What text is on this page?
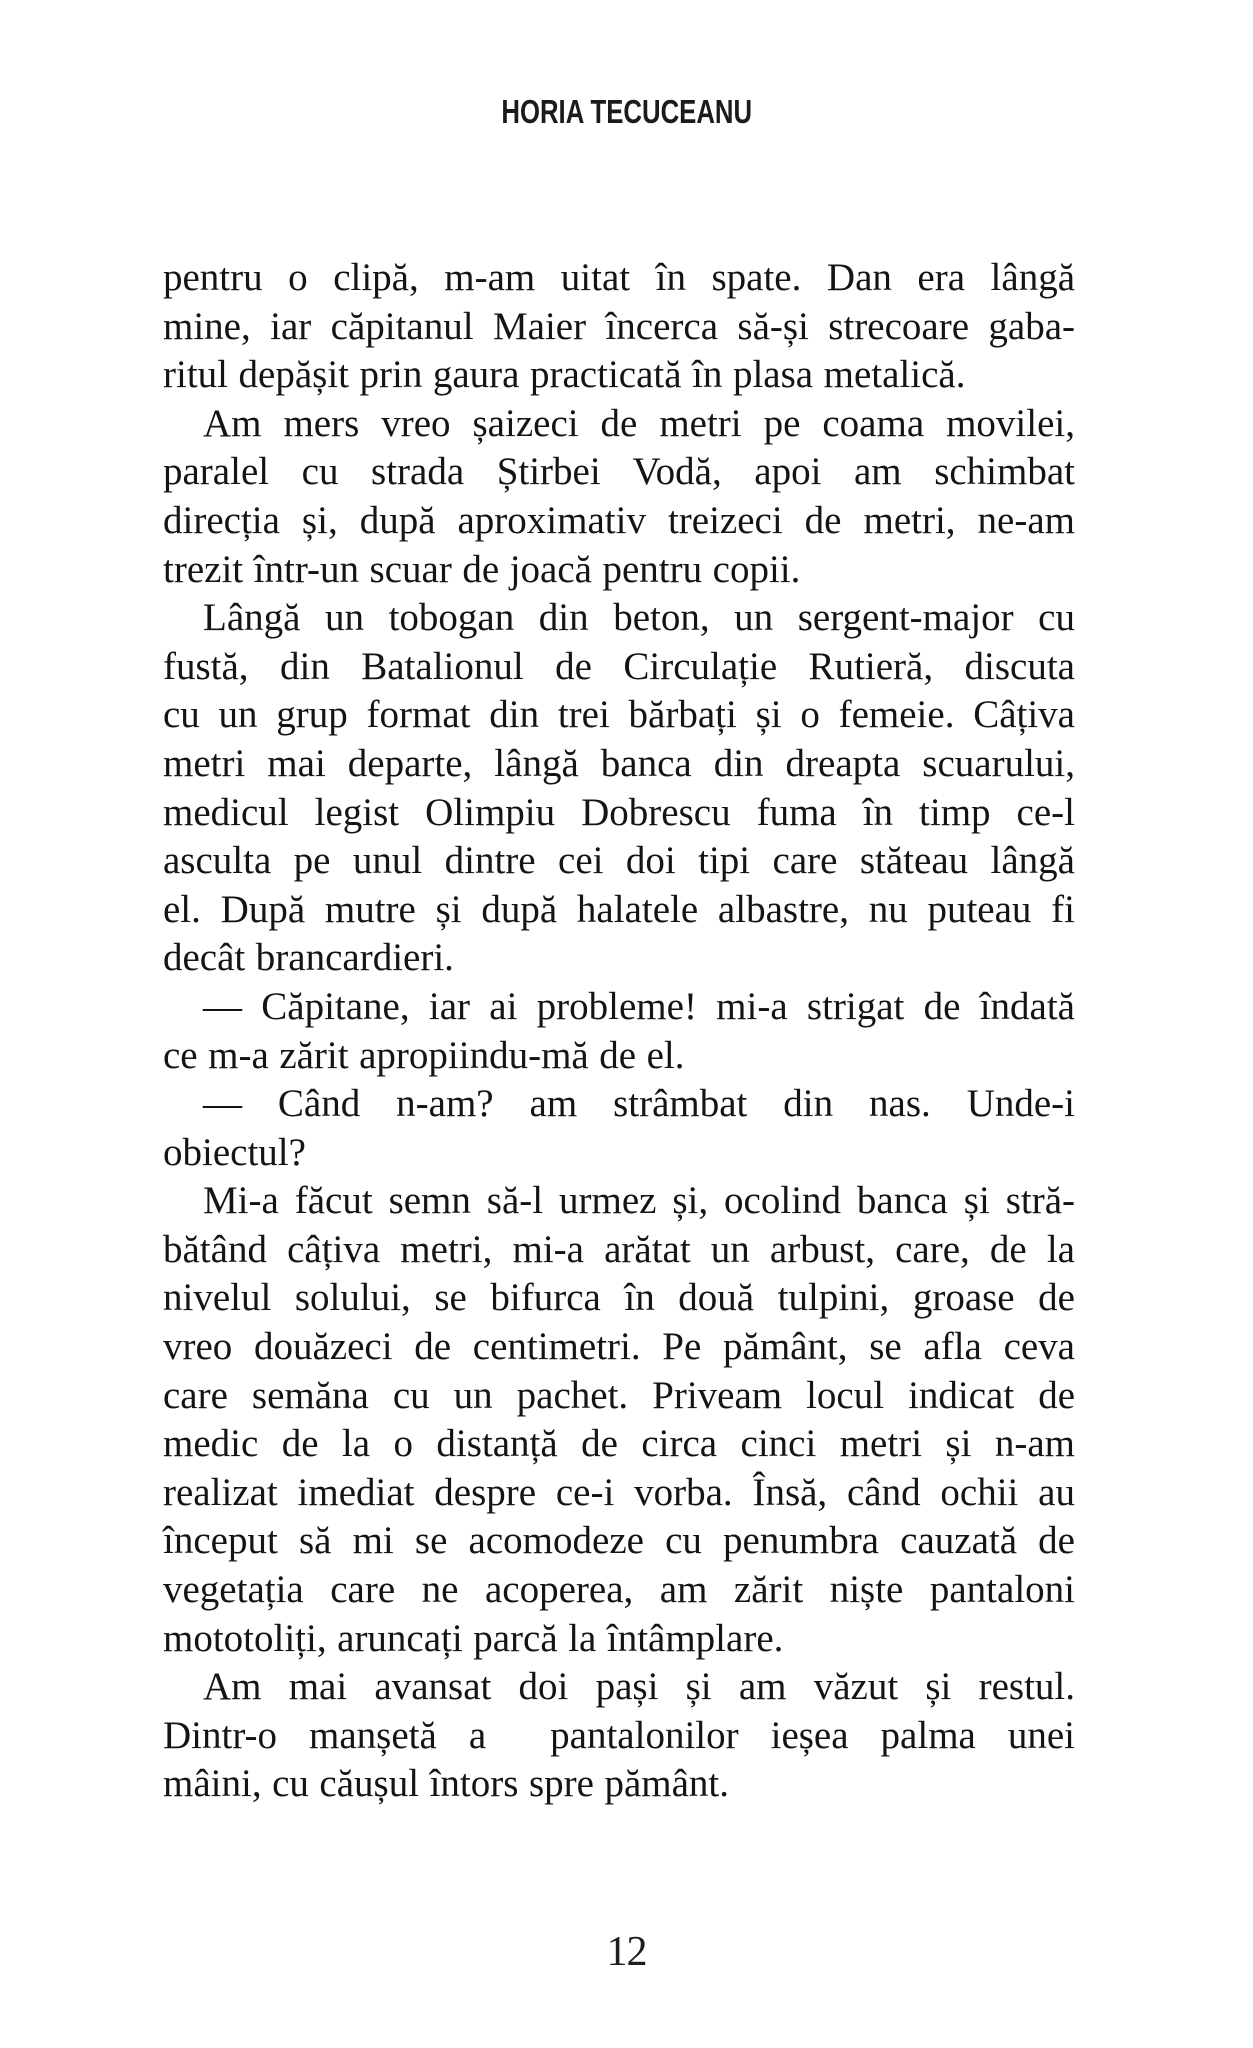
HORIA TECUCEANU
pentru o clipă, m-am uitat în spate. Dan era lângă
mine, iar căpitanul Maier încerca să-și strecoare gaba-
ritul depășit prin gaura practicată în plasa metalică.
Am mers vreo șaizeci de metri pe coama movilei,
paralel cu strada Știrbei Vodă, apoi am schimbat
direcția și, după aproximativ treizeci de metri, ne-am
trezit într-un scuar de joacă pentru copii.
Lângă un tobogan din beton, un sergent-major cu
fustă, din Batalionul de Circulație Rutieră, discuta
cu un grup format din trei bărbați și o femeie. Câțiva
metri mai departe, lângă banca din dreapta scuarului,
medicul legist Olimpiu Dobrescu fuma în timp ce-l
asculta pe unul dintre cei doi tipi care stăteau lângă
el. După mutre și după halatele albastre, nu puteau fi
decât brancardieri.
— Căpitane, iar ai probleme! mi-a strigat de îndată
ce m-a zărit apropiindu-mă de el.
— Când n-am? am strâmbat din nas. Unde-i
obiectul?
Mi-a făcut semn să-l urmez și, ocolind banca și stră-
bătând câțiva metri, mi-a arătat un arbust, care, de la
nivelul solului, se bifurca în două tulpini, groase de
vreo douăzeci de centimetri. Pe pământ, se afla ceva
care semăna cu un pachet. Priveam locul indicat de
medic de la o distanță de circa cinci metri și n-am
realizat imediat despre ce-i vorba. Însă, când ochii au
început să mi se acomodeze cu penumbra cauzată de
vegetația care ne acoperea, am zărit niște pantaloni
mototoliți, aruncați parcă la întâmplare.
Am mai avansat doi pași și am văzut și restul.
Dintr-o manșetă a  pantalonilor ieșea palma unei
mâini, cu căușul întors spre pământ.
12
